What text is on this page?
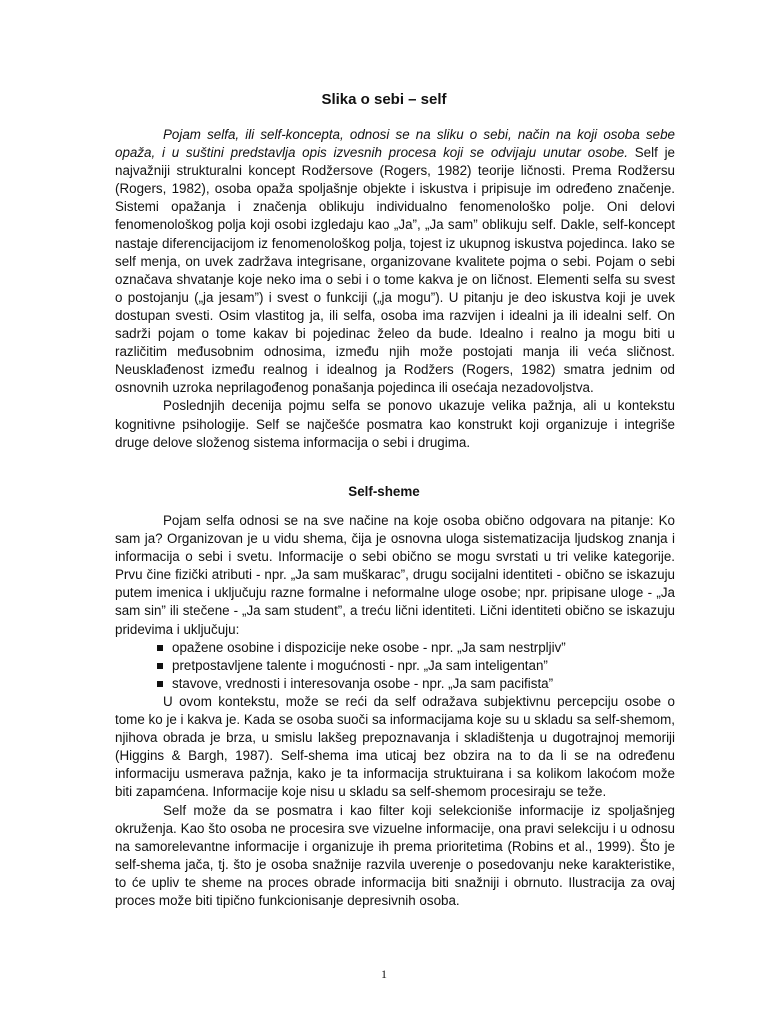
Slika o sebi – self

Pojam selfa, ili self-koncepta, odnosi se na sliku o sebi, način na koji osoba sebe opaža, i u suštini predstavlja opis izvesnih procesa koji se odvijaju unutar osobe. Self je najvažniji strukturalni koncept Rodžersove (Rogers, 1982) teorije ličnosti. Prema Rodžersu (Rogers, 1982), osoba opaža spoljašnje objekte i iskustva i pripisuje im određeno značenje. Sistemi opažanja i značenja oblikuju individualno fenomenološko polje. Oni delovi fenomenološkog polja koji osobi izgledaju kao „Ja”, „Ja sam” oblikuju self. Dakle, self-koncept nastaje diferencijacijom iz fenomenološkog polja, tojest iz ukupnog iskustva pojedinca. Iako se self menja, on uvek zadržava integrisane, organizovane kvalitete pojma o sebi. Pojam o sebi označava shvatanje koje neko ima o sebi i o tome kakva je on ličnost. Elementi selfa su svest o postojanju („ja jesam”) i svest o funkciji („ja mogu”). U pitanju je deo iskustva koji je uvek dostupan svesti. Osim vlastitog ja, ili selfa, osoba ima razvijen i idealni ja ili idealni self. On sadrži pojam o tome kakav bi pojedinac želeo da bude. Idealno i realno ja mogu biti u različitim međusobnim odnosima, između njih može postojati manja ili veća sličnost. Neusklađenost između realnog i idealnog ja Rodžers (Rogers, 1982) smatra jednim od osnovnih uzroka neprilagođenog ponašanja pojedinca ili osećaja nezadovoljstva.

Poslednjih decenija pojmu selfa se ponovo ukazuje velika pažnja, ali u kontekstu kognitivne psihologije. Self se najčešće posmatra kao konstrukt koji organizuje i integriše druge delove složenog sistema informacija o sebi i drugima.

Self-sheme

Pojam selfa odnosi se na sve načine na koje osoba obično odgovara na pitanje: Ko sam ja? Organizovan je u vidu shema, čija je osnovna uloga sistematizacija ljudskog znanja i informacija o sebi i svetu. Informacije o sebi obično se mogu svrstati u tri velike kategorije. Prvu čine fizički atributi - npr. „Ja sam muškarac”, drugu socijalni identiteti - obično se iskazuju putem imenica i uključuju razne formalne i neformalne uloge osobe; npr. pripisane uloge - „Ja sam sin” ili stečene - „Ja sam student”, a treću lični identiteti. Lični identiteti obično se iskazuju pridevima i uključuju:

opažene osobine i dispozicije neke osobe - npr. „Ja sam nestrpljiv”
pretpostavljene talente i mogućnosti - npr. „Ja sam inteligentan”
stavove, vrednosti i interesovanja osobe - npr. „Ja sam pacifista”

U ovom kontekstu, može se reći da self odražava subjektivnu percepciju osobe o tome ko je i kakva je. Kada se osoba suoči sa informacijama koje su u skladu sa self-shemom, njihova obrada je brza, u smislu lakšeg prepoznavanja i skladištenja u dugotrajnoj memoriji (Higgins & Bargh, 1987). Self-shema ima uticaj bez obzira na to da li se na određenu informaciju usmerava pažnja, kako je ta informacija struktuirana i sa kolikom lakoćom može biti zapamćena. Informacije koje nisu u skladu sa self-shemom procesiraju se teže.

Self može da se posmatra i kao filter koji selekcioniše informacije iz spoljašnjeg okruženja. Kao što osoba ne procesira sve vizuelne informacije, ona pravi selekciju i u odnosu na samorelevantne informacije i organizuje ih prema prioritetima (Robins et al., 1999). Što je self-shema jača, tj. što je osoba snažnije razvila uverenje o posedovanju neke karakteristike, to će upliv te sheme na proces obrade informacija biti snažniji i obrnuto. Ilustracija za ovaj proces može biti tipično funkcionisanje depresivnih osoba.

1
